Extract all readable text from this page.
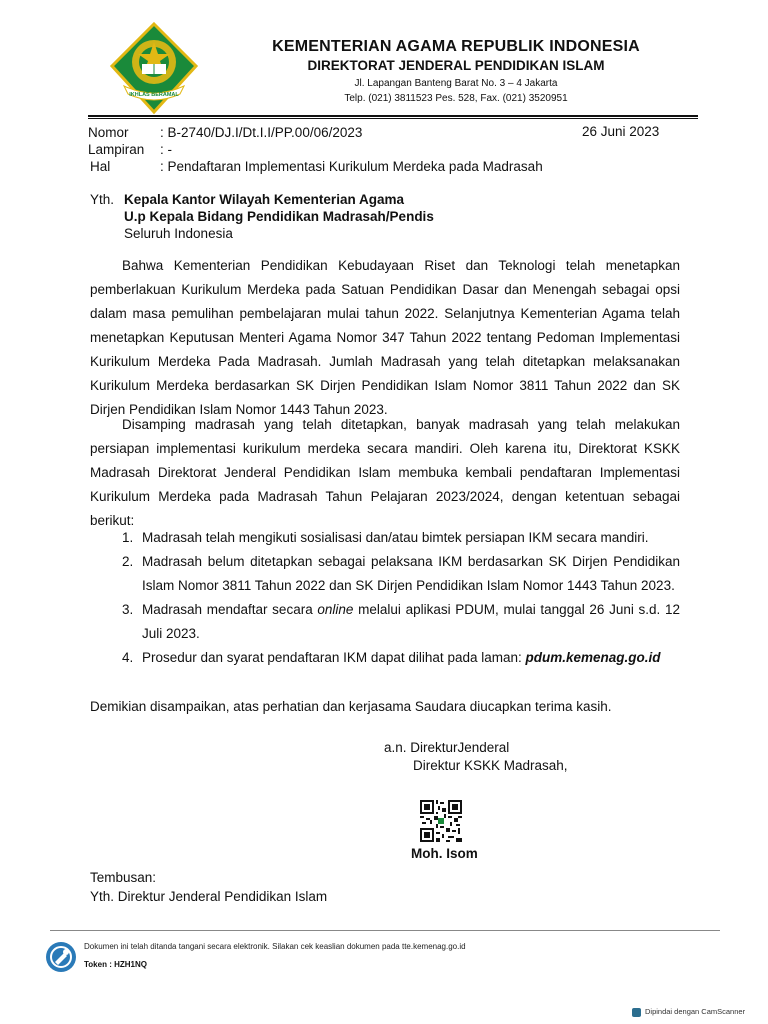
IKHLAS BERAMAL
KEMENTERIAN AGAMA REPUBLIK INDONESIA
DIREKTORAT JENDERAL PENDIDIKAN ISLAM
Jl. Lapangan Banteng Barat No. 3 – 4 Jakarta
Telp. (021) 3811523 Pes. 528, Fax. (021) 3520951
Nomor : B-2740/DJ.I/Dt.I.I/PP.00/06/2023	26 Juni 2023
Lampiran : -
Hal	: Pendaftaran Implementasi Kurikulum Merdeka pada Madrasah
Yth. Kepala Kantor Wilayah Kementerian Agama
U.p Kepala Bidang Pendidikan Madrasah/Pendis
Seluruh Indonesia

Bahwa Kementerian Pendidikan Kebudayaan Riset dan Teknologi telah menetapkan pemberlakuan Kurikulum Merdeka pada Satuan Pendidikan Dasar dan Menengah sebagai opsi dalam masa pemulihan pembelajaran mulai tahun 2022. Selanjutnya Kementerian Agama telah menetapkan Keputusan Menteri Agama Nomor 347 Tahun 2022 tentang Pedoman Implementasi Kurikulum Merdeka Pada Madrasah. Jumlah Madrasah yang telah ditetapkan melaksanakan Kurikulum Merdeka berdasarkan SK Dirjen Pendidikan Islam Nomor 3811 Tahun 2022 dan SK Dirjen Pendidikan Islam Nomor 1443 Tahun 2023.

Disamping madrasah yang telah ditetapkan, banyak madrasah yang telah melakukan persiapan implementasi kurikulum merdeka secara mandiri. Oleh karena itu, Direktorat KSKK Madrasah Direktorat Jenderal Pendidikan Islam membuka kembali pendaftaran Implementasi Kurikulum Merdeka pada Madrasah Tahun Pelajaran 2023/2024, dengan ketentuan sebagai berikut:

1. Madrasah telah mengikuti sosialisasi dan/atau bimtek persiapan IKM secara mandiri.
2. Madrasah belum ditetapkan sebagai pelaksana IKM berdasarkan SK Dirjen Pendidikan Islam Nomor 3811 Tahun 2022 dan SK Dirjen Pendidikan Islam Nomor 1443 Tahun 2023.
3. Madrasah mendaftar secara online melalui aplikasi PDUM, mulai tanggal 26 Juni s.d. 12 Juli 2023.
4. Prosedur dan syarat pendaftaran IKM dapat dilihat pada laman: pdum.kemenag.go.id
Demikian disampaikan, atas perhatian dan kerjasama Saudara diucapkan terima kasih.
a.n. DirekturJenderal
Direktur KSKK Madrasah,
Moh. Isom
Tembusan:
Yth. Direktur Jenderal Pendidikan Islam
Dokumen ini telah ditanda tangani secara elektronik. Silakan cek keaslian dokumen pada tte.kemenag.go.id
Token : HZH1NQ
Dipindai dengan CamScanner
